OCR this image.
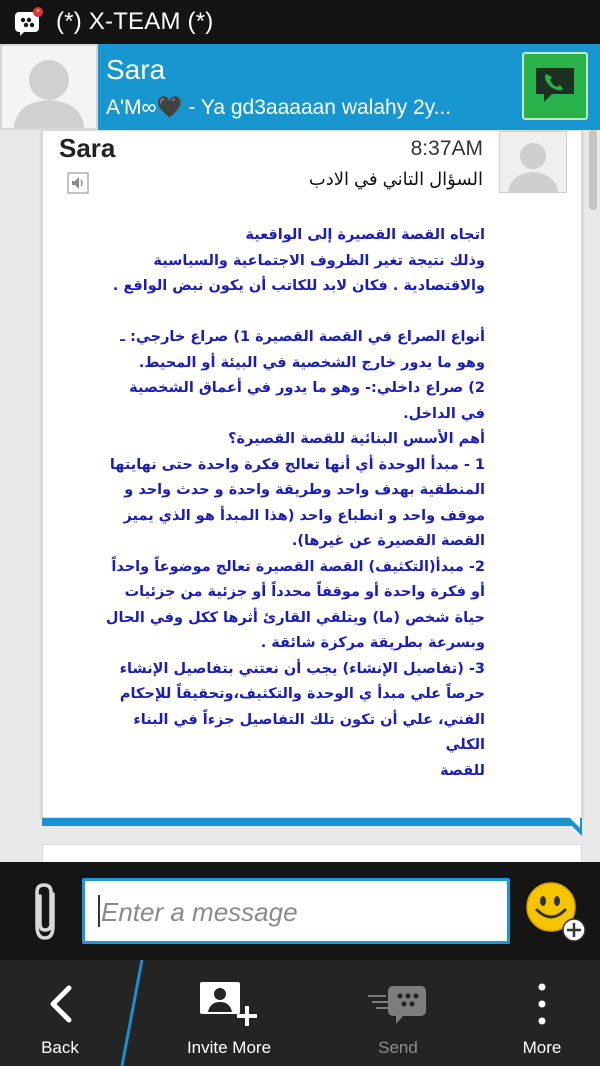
* (*) X-TEAM (*)
Sara
A'M∞🖤 - Ya gd3aaaaan walahy 2y...
Sara	8:37AM
السؤال التاني في الادب
اتجاه القصة القصيرة إلى الواقعية
وذلك نتيجة تغير الظروف الاجتماعية والسياسية
والاقتصادية . فكان لابد للكاتب أن يكون نبض الواقع .

أنواع الصراع في القصة القصيرة 1) صراع خارجي: ـ
وهو ما يدور خارج الشخصية في البيئة أو المحيط.
2) صراع داخلي:- وهو ما يدور في أعماق الشخصية
في الداخل.
أهم الأسس البنائية للقصة القصيرة؟
1 - مبدأ الوحدة أي أنها تعالج فكرة واحدة حتى نهايتها
المنطقية بهدف واحد وطريقة واحدة و حدث واحد و
موقف واحد و انطباع واحد (هذا المبدأ هو الذي يميز
القصة القصيرة عن غيرها).
2- مبدأ(التكثيف) القصة القصيرة تعالج موضوعاً واحداً
أو فكرة واحدة أو موقفاً محدداً أو جزئية من جزئيات
حياة شخص (ما) ويتلقي القارئ أثرها ككل وفي الحال
وبسرعة بطريقة مركزة شائقة .
3- (تفاصيل الإنشاء) يجب أن نعتني بتفاصيل الإنشاء
حرصاً علي مبدأ ي الوحدة والتكثيف،وتحقيقاً للإحكام
الفني، علي أن تكون تلك التفاصيل جزءاً في البناء الكلي
للقصة
Enter a message
Back	Invite More	Send	More
